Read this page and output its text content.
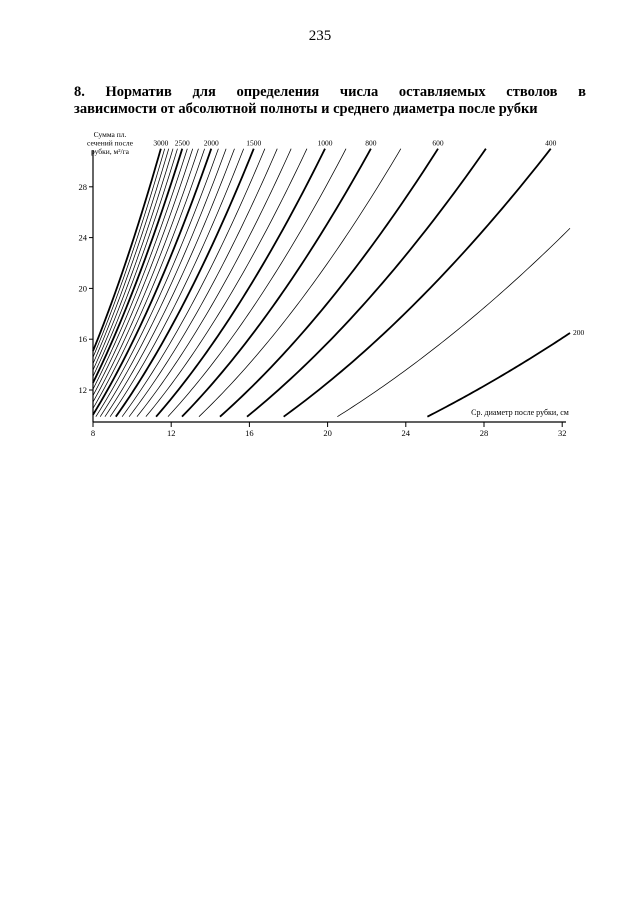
235
8. Норматив для определения числа оставляемых стволов в
зависимости от абсолютной полноты и среднего диаметра после рубки
8	12	16	20	24	28	32
12
16
20
24
28
Сумма пл.
сечений после
рубки, м²/га
Ср. диаметр после рубки, см
200
400
600
800
1000
1500
2000
2500
3000
